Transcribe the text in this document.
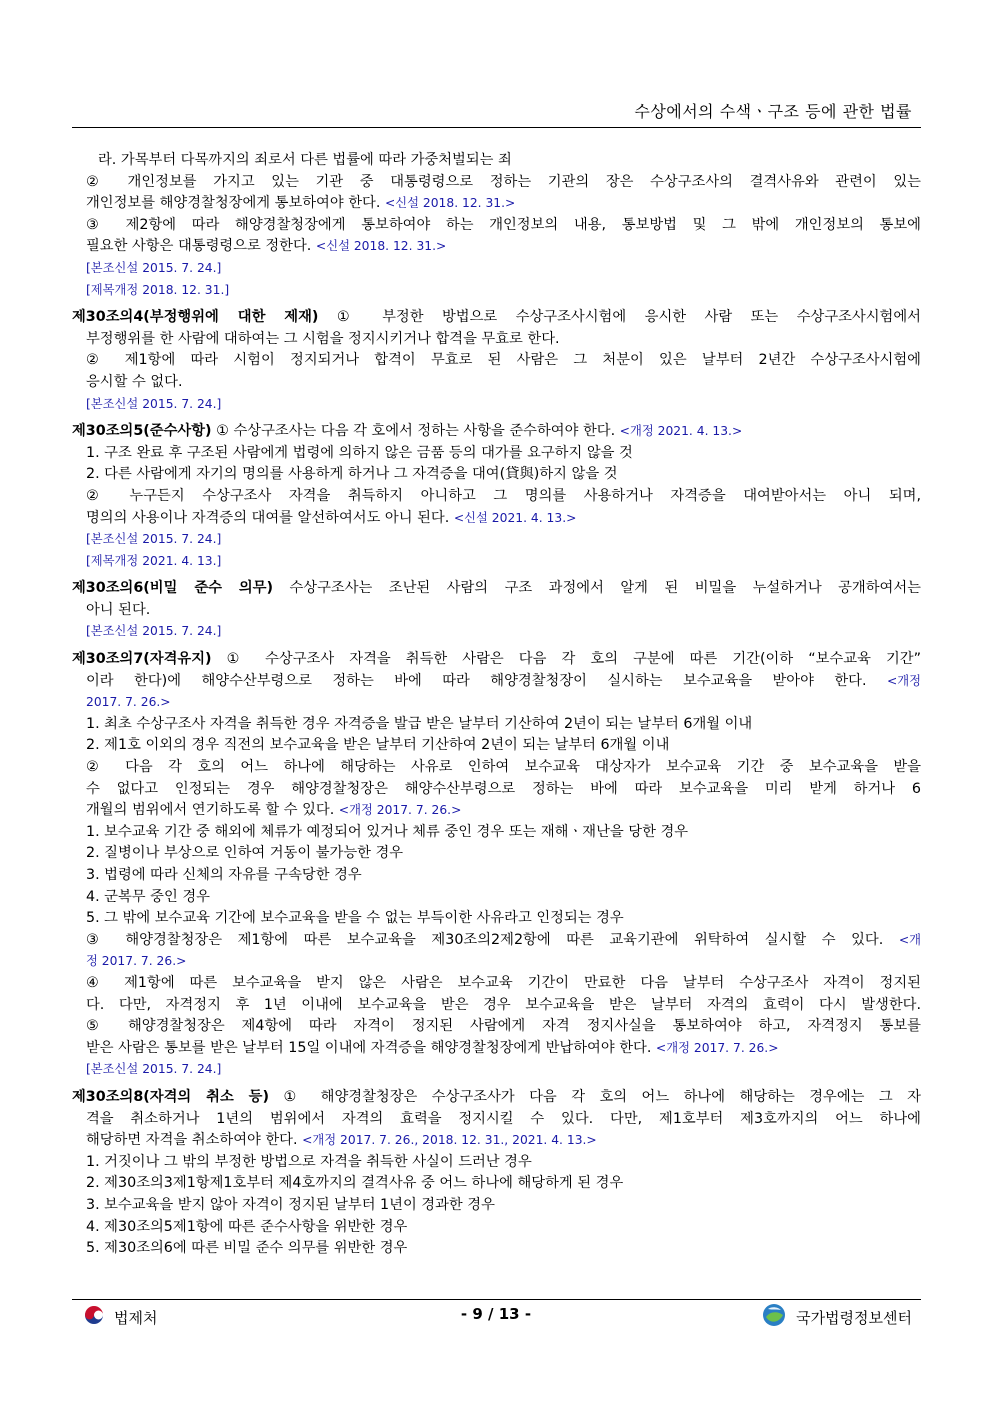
수상에서의 수색ㆍ구조 등에 관한 법률
라. 가목부터 다목까지의 죄로서 다른 법률에 따라 가중처벌되는 죄
② 개인정보를 가지고 있는 기관 중 대통령령으로 정하는 기관의 장은 수상구조사의 결격사유와 관련이 있는
개인정보를 해양경찰청장에게 통보하여야 한다. <신설 2018. 12. 31.>
③ 제2항에 따라 해양경찰청장에게 통보하여야 하는 개인정보의 내용, 통보방법 및 그 밖에 개인정보의 통보에
필요한 사항은 대통령령으로 정한다. <신설 2018. 12. 31.>
[본조신설 2015. 7. 24.]
[제목개정 2018. 12. 31.]
제30조의4(부정행위에 대한 제재) ① 부정한 방법으로 수상구조사시험에 응시한 사람 또는 수상구조사시험에서
부정행위를 한 사람에 대하여는 그 시험을 정지시키거나 합격을 무효로 한다.
② 제1항에 따라 시험이 정지되거나 합격이 무효로 된 사람은 그 처분이 있은 날부터 2년간 수상구조사시험에
응시할 수 없다.
[본조신설 2015. 7. 24.]
제30조의5(준수사항) ① 수상구조사는 다음 각 호에서 정하는 사항을 준수하여야 한다. <개정 2021. 4. 13.>
1. 구조 완료 후 구조된 사람에게 법령에 의하지 않은 금품 등의 대가를 요구하지 않을 것
2. 다른 사람에게 자기의 명의를 사용하게 하거나 그 자격증을 대여(貸與)하지 않을 것
② 누구든지 수상구조사 자격을 취득하지 아니하고 그 명의를 사용하거나 자격증을 대여받아서는 아니 되며,
명의의 사용이나 자격증의 대여를 알선하여서도 아니 된다. <신설 2021. 4. 13.>
[본조신설 2015. 7. 24.]
[제목개정 2021. 4. 13.]
제30조의6(비밀 준수 의무) 수상구조사는 조난된 사람의 구조 과정에서 알게 된 비밀을 누설하거나 공개하여서는
아니 된다.
[본조신설 2015. 7. 24.]
제30조의7(자격유지) ① 수상구조사 자격을 취득한 사람은 다음 각 호의 구분에 따른 기간(이하 “보수교육 기간”
이라 한다)에 해양수산부령으로 정하는 바에 따라 해양경찰청장이 실시하는 보수교육을 받아야 한다. <개정
2017. 7. 26.>
1. 최초 수상구조사 자격을 취득한 경우 자격증을 발급 받은 날부터 기산하여 2년이 되는 날부터 6개월 이내
2. 제1호 이외의 경우 직전의 보수교육을 받은 날부터 기산하여 2년이 되는 날부터 6개월 이내
② 다음 각 호의 어느 하나에 해당하는 사유로 인하여 보수교육 대상자가 보수교육 기간 중 보수교육을 받을
수 없다고 인정되는 경우 해양경찰청장은 해양수산부령으로 정하는 바에 따라 보수교육을 미리 받게 하거나 6
개월의 범위에서 연기하도록 할 수 있다. <개정 2017. 7. 26.>
1. 보수교육 기간 중 해외에 체류가 예정되어 있거나 체류 중인 경우 또는 재해ㆍ재난을 당한 경우
2. 질병이나 부상으로 인하여 거동이 불가능한 경우
3. 법령에 따라 신체의 자유를 구속당한 경우
4. 군복무 중인 경우
5. 그 밖에 보수교육 기간에 보수교육을 받을 수 없는 부득이한 사유라고 인정되는 경우
③ 해양경찰청장은 제1항에 따른 보수교육을 제30조의2제2항에 따른 교육기관에 위탁하여 실시할 수 있다. <개
정 2017. 7. 26.>
④ 제1항에 따른 보수교육을 받지 않은 사람은 보수교육 기간이 만료한 다음 날부터 수상구조사 자격이 정지된
다. 다만, 자격정지 후 1년 이내에 보수교육을 받은 경우 보수교육을 받은 날부터 자격의 효력이 다시 발생한다.
⑤ 해양경찰청장은 제4항에 따라 자격이 정지된 사람에게 자격 정지사실을 통보하여야 하고, 자격정지 통보를
받은 사람은 통보를 받은 날부터 15일 이내에 자격증을 해양경찰청장에게 반납하여야 한다. <개정 2017. 7. 26.>
[본조신설 2015. 7. 24.]
제30조의8(자격의 취소 등) ① 해양경찰청장은 수상구조사가 다음 각 호의 어느 하나에 해당하는 경우에는 그 자
격을 취소하거나 1년의 범위에서 자격의 효력을 정지시킬 수 있다. 다만, 제1호부터 제3호까지의 어느 하나에
해당하면 자격을 취소하여야 한다. <개정 2017. 7. 26., 2018. 12. 31., 2021. 4. 13.>
1. 거짓이나 그 밖의 부정한 방법으로 자격을 취득한 사실이 드러난 경우
2. 제30조의3제1항제1호부터 제4호까지의 결격사유 중 어느 하나에 해당하게 된 경우
3. 보수교육을 받지 않아 자격이 정지된 날부터 1년이 경과한 경우
4. 제30조의5제1항에 따른 준수사항을 위반한 경우
5. 제30조의6에 따른 비밀 준수 의무를 위반한 경우
법제처	- 9 / 13 -	국가법령정보센터
